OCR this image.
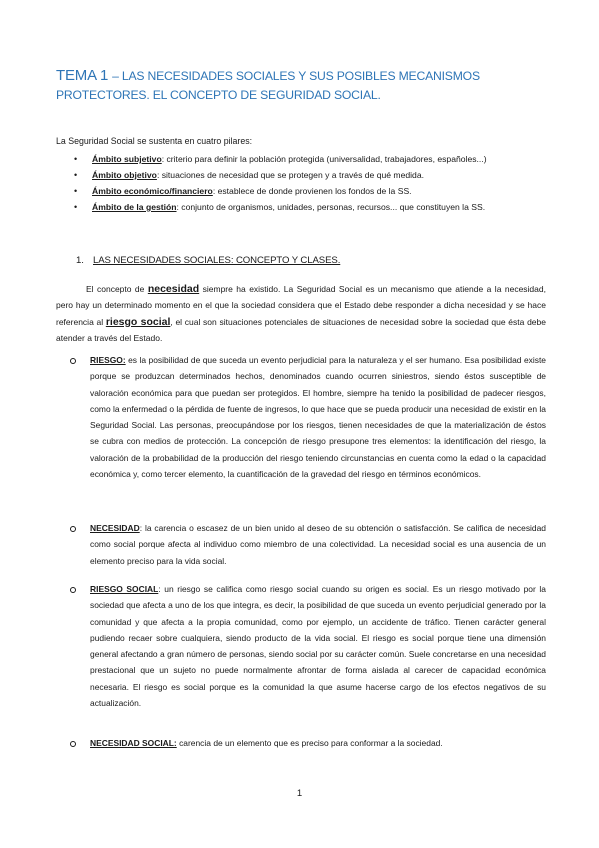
TEMA 1 – LAS NECESIDADES SOCIALES Y SUS POSIBLES MECANISMOS PROTECTORES. EL CONCEPTO DE SEGURIDAD SOCIAL.
La Seguridad Social se sustenta en cuatro pilares:
• Ámbito subjetivo: criterio para definir la población protegida (universalidad, trabajadores, españoles...)
• Ámbito objetivo: situaciones de necesidad que se protegen y a través de qué medida.
• Ámbito económico/financiero: establece de donde provienen los fondos de la SS.
• Ámbito de la gestión: conjunto de organismos, unidades, personas, recursos... que constituyen la SS.
1. LAS NECESIDADES SOCIALES: CONCEPTO Y CLASES.
El concepto de necesidad siempre ha existido. La Seguridad Social es un mecanismo que atiende a la necesidad, pero hay un determinado momento en el que la sociedad considera que el Estado debe responder a dicha necesidad y se hace referencia al riesgo social, el cual son situaciones potenciales de situaciones de necesidad sobre la sociedad que ésta debe atender a través del Estado.
RIESGO: es la posibilidad de que suceda un evento perjudicial para la naturaleza y el ser humano. Esa posibilidad existe porque se produzcan determinados hechos, denominados cuando ocurren siniestros, siendo éstos susceptible de valoración económica para que puedan ser protegidos. El hombre, siempre ha tenido la posibilidad de padecer riesgos, como la enfermedad o la pérdida de fuente de ingresos, lo que hace que se pueda producir una necesidad de existir en la Seguridad Social. Las personas, preocupándose por los riesgos, tienen necesidades de que la materialización de éstos se cubra con medios de protección. La concepción de riesgo presupone tres elementos: la identificación del riesgo, la valoración de la probabilidad de la producción del riesgo teniendo circunstancias en cuenta como la edad o la capacidad económica y, como tercer elemento, la cuantificación de la gravedad del riesgo en términos económicos.
NECESIDAD: la carencia o escasez de un bien unido al deseo de su obtención o satisfacción. Se califica de necesidad como social porque afecta al individuo como miembro de una colectividad. La necesidad social es una ausencia de un elemento preciso para la vida social.
RIESGO SOCIAL: un riesgo se califica como riesgo social cuando su origen es social. Es un riesgo motivado por la sociedad que afecta a uno de los que integra, es decir, la posibilidad de que suceda un evento perjudicial generado por la comunidad y que afecta a la propia comunidad, como por ejemplo, un accidente de tráfico. Tienen carácter general pudiendo recaer sobre cualquiera, siendo producto de la vida social. El riesgo es social porque tiene una dimensión general afectando a gran número de personas, siendo social por su carácter común. Suele concretarse en una necesidad prestacional que un sujeto no puede normalmente afrontar de forma aislada al carecer de capacidad económica necesaria. El riesgo es social porque es la comunidad la que asume hacerse cargo de los efectos negativos de su actualización.
NECESIDAD SOCIAL: carencia de un elemento que es preciso para conformar a la sociedad.
1
